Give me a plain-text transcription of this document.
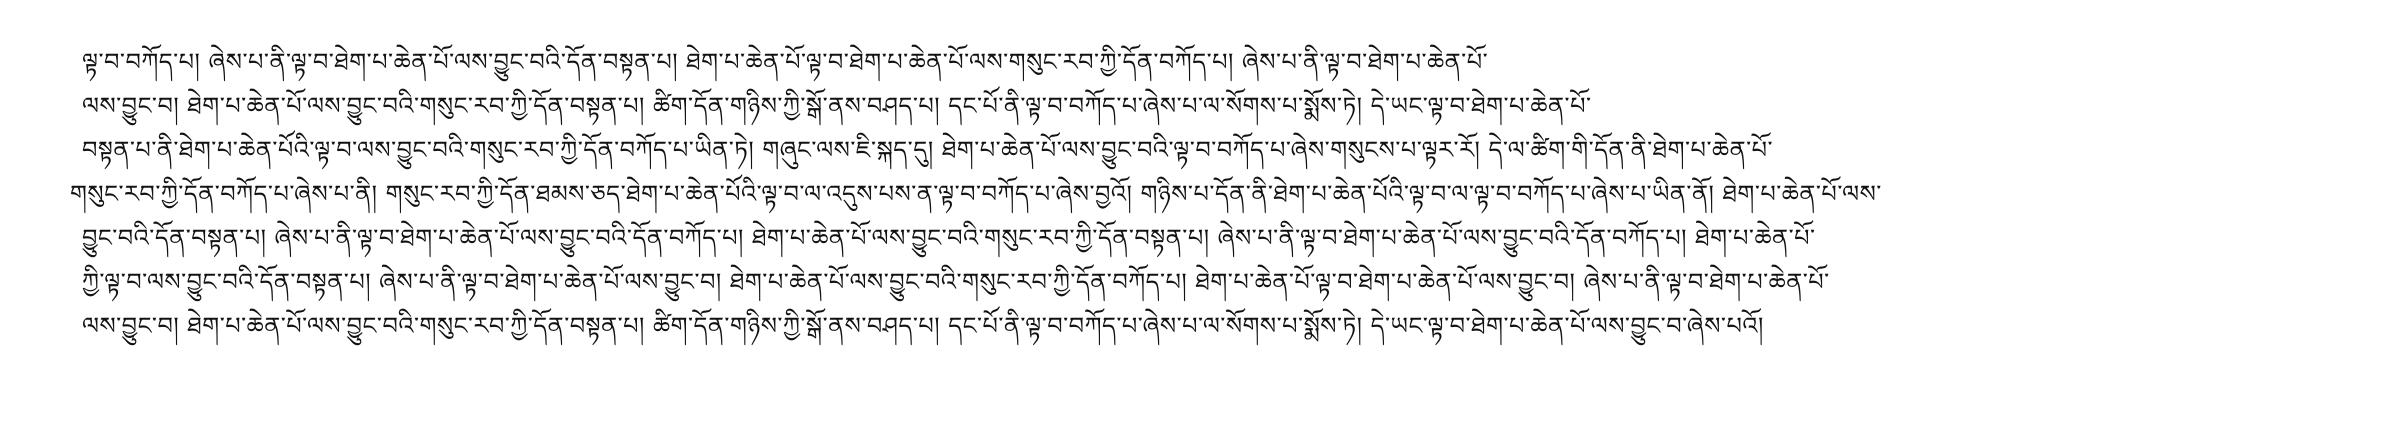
ལྟ་བ་བཀོད་པ། ཞེས་པ་ནི་ལྟ་བ་ཐེག་པ་ཆེན་པོ་ལས་བྱུང་བའི་དོན་བསྟན་པ། ཐེག་པ་ཆེན་པོ་ལྟ་བ་ཐེག་པ་ཆེན་པོ་ལས་གསུང་རབ་ཀྱི་དོན་བཀོད་པ། ཞེས་པ་ནི་ལྟ་བ་ཐེག་པ་ཆེན་པོ་
ལས་བྱུང་བ། ཐེག་པ་ཆེན་པོ་ལས་བྱུང་བའི་གསུང་རབ་ཀྱི་དོན་བསྟན་པ། ཚིག་དོན་གཉིས་ཀྱི་སྒོ་ནས་བཤད་པ། དང་པོ་ནི་ལྟ་བ་བཀོད་པ་ཞེས་པ་ལ་སོགས་པ་སྨོས་ཏེ། དེ་ཡང་ལྟ་བ་ཐེག་པ་ཆེན་པོ་
བསྟན་པ་ནི་ཐེག་པ་ཆེན་པོའི་ལྟ་བ་ལས་བྱུང་བའི་གསུང་རབ་ཀྱི་དོན་བཀོད་པ་ཡིན་ཏེ། གཞུང་ལས་ཇི་སྐད་དུ། ཐེག་པ་ཆེན་པོ་ལས་བྱུང་བའི་ལྟ་བ་བཀོད་པ་ཞེས་གསུངས་པ་ལྟར་རོ། དེ་ལ་ཚིག་གི་དོན་ནི་ཐེག་པ་ཆེན་པོ་
གསུང་རབ་ཀྱི་དོན་བཀོད་པ་ཞེས་པ་ནི། གསུང་རབ་ཀྱི་དོན་ཐམས་ཅད་ཐེག་པ་ཆེན་པོའི་ལྟ་བ་ལ་འདུས་པས་ན་ལྟ་བ་བཀོད་པ་ཞེས་བྱའོ། གཉིས་པ་དོན་ནི་ཐེག་པ་ཆེན་པོའི་ལྟ་བ་ལ་ལྟ་བ་བཀོད་པ་ཞེས་པ་ཡིན་ནོ། ཐེག་པ་ཆེན་པོ་ལས་
བྱུང་བའི་དོན་བསྟན་པ། ཞེས་པ་ནི་ལྟ་བ་ཐེག་པ་ཆེན་པོ་ལས་བྱུང་བའི་དོན་བཀོད་པ། ཐེག་པ་ཆེན་པོ་ལས་བྱུང་བའི་གསུང་རབ་ཀྱི་དོན་བསྟན་པ། ཞེས་པ་ནི་ལྟ་བ་ཐེག་པ་ཆེན་པོ་ལས་བྱུང་བའི་དོན་བཀོད་པ། ཐེག་པ་ཆེན་པོ་
ཀྱི་ལྟ་བ་ལས་བྱུང་བའི་དོན་བསྟན་པ། ཞེས་པ་ནི་ལྟ་བ་ཐེག་པ་ཆེན་པོ་ལས་བྱུང་བ། ཐེག་པ་ཆེན་པོ་ལས་བྱུང་བའི་གསུང་རབ་ཀྱི་དོན་བཀོད་པ། ཐེག་པ་ཆེན་པོ་ལྟ་བ་ཐེག་པ་ཆེན་པོ་ལས་བྱུང་བ། ཞེས་པ་ནི་ལྟ་བ་ཐེག་པ་ཆེན་པོ་
ལས་བྱུང་བ། ཐེག་པ་ཆེན་པོ་ལས་བྱུང་བའི་གསུང་རབ་ཀྱི་དོན་བསྟན་པ། ཚིག་དོན་གཉིས་ཀྱི་སྒོ་ནས་བཤད་པ། དང་པོ་ནི་ལྟ་བ་བཀོད་པ་ཞེས་པ་ལ་སོགས་པ་སྨོས་ཏེ། དེ་ཡང་ལྟ་བ་ཐེག་པ་ཆེན་པོ་ལས་བྱུང་བ་ཞེས་པའོ།
